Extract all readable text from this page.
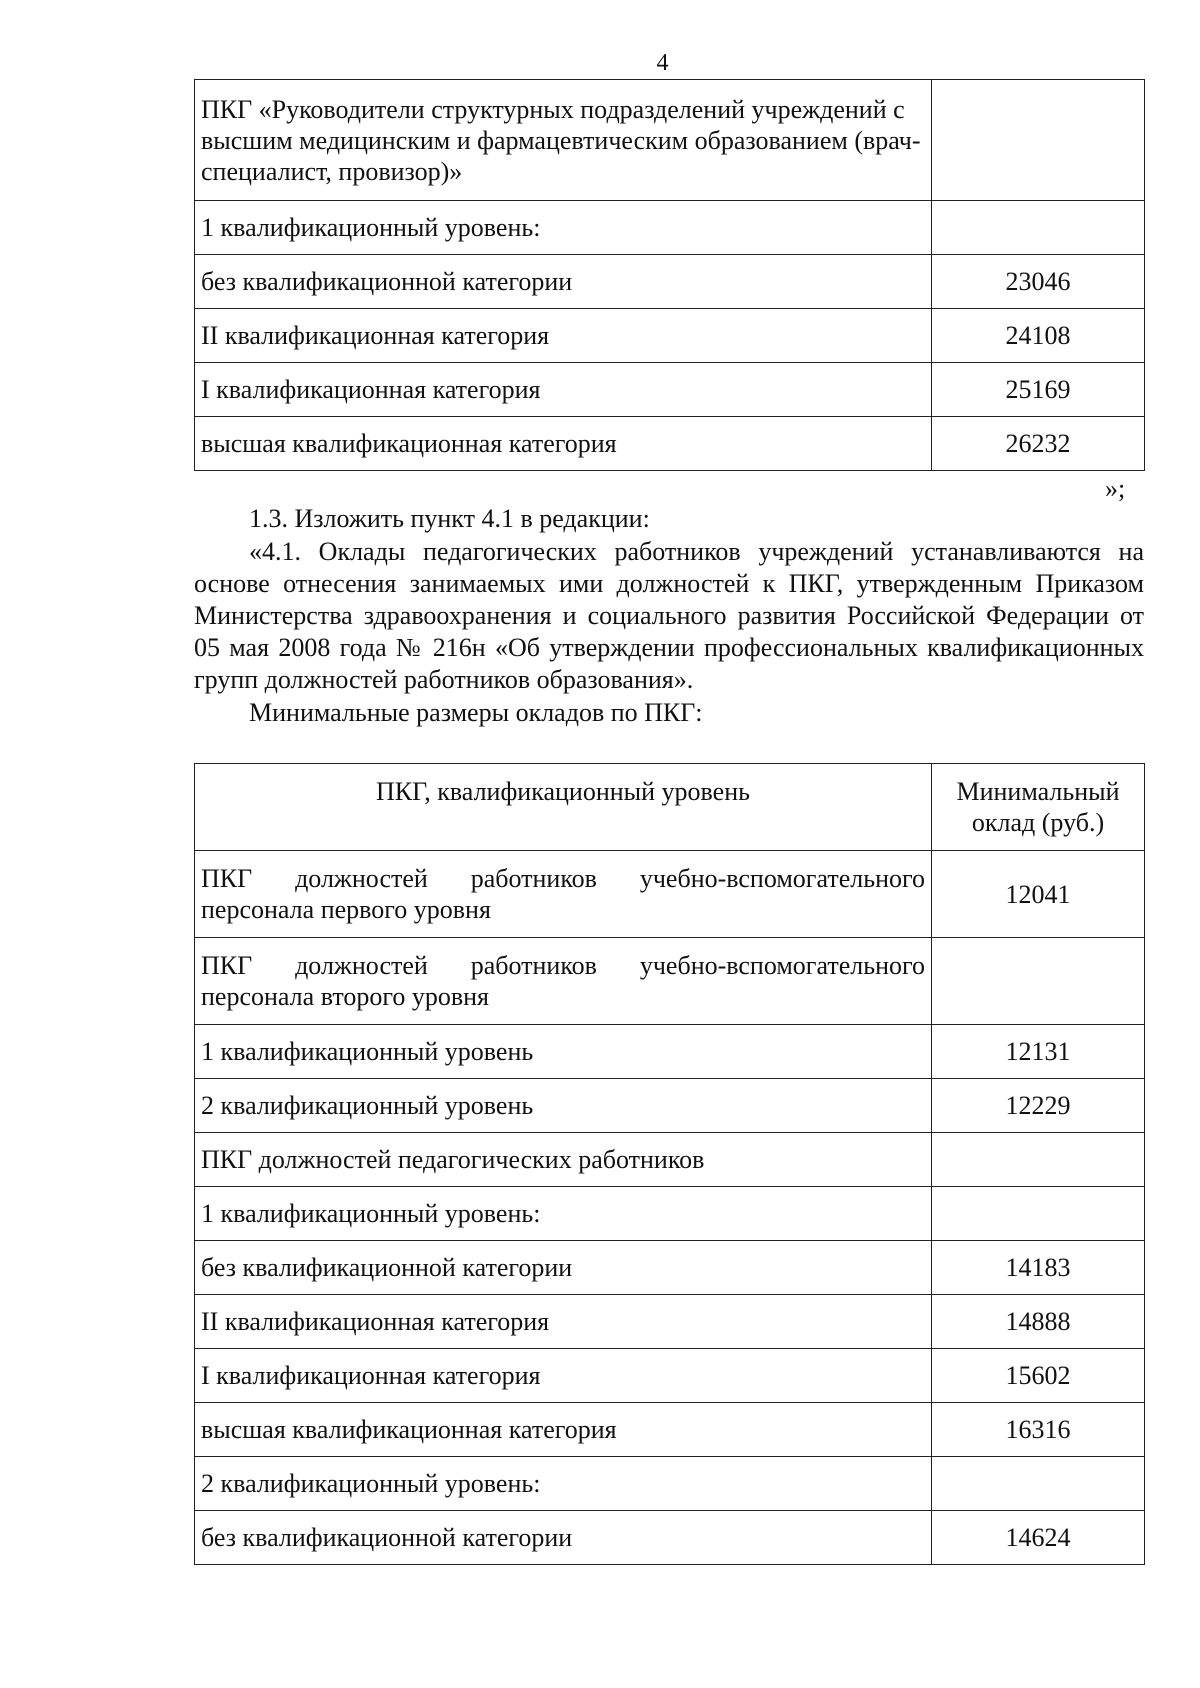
4
ПКГ «Руководители структурных подразделений учреждений с высшим медицинским и фармацевтическим образованием (врач-специалист, провизор)»	
1 квалификационный уровень:	
без квалификационной категории	23046
II квалификационная категория	24108
I квалификационная категория	25169
высшая квалификационная категория	26232
»;
1.3. Изложить пункт 4.1 в редакции:
«4.1. Оклады педагогических работников учреждений устанавливаются на основе отнесения занимаемых ими должностей к ПКГ, утвержденным Приказом Министерства здравоохранения и социального развития Российской Федерации от 05 мая 2008 года № 216н «Об утверждении профессиональных квалификационных групп должностей работников образования».
Минимальные размеры окладов по ПКГ:
ПКГ, квалификационный уровень	Минимальный оклад (руб.)
ПКГ должностей работников учебно-вспомогательного персонала первого уровня	12041
ПКГ должностей работников учебно-вспомогательного персонала второго уровня	
1 квалификационный уровень	12131
2 квалификационный уровень	12229
ПКГ должностей педагогических работников	
1 квалификационный уровень:	
без квалификационной категории	14183
II квалификационная категория	14888
I квалификационная категория	15602
высшая квалификационная категория	16316
2 квалификационный уровень:	
без квалификационной категории	14624
